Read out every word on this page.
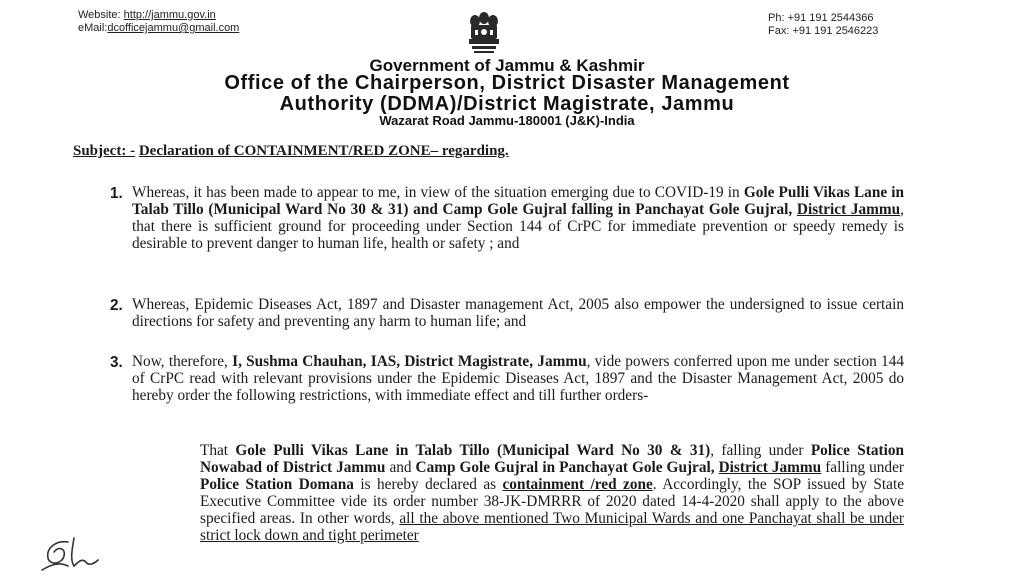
Website: http://jammu.gov.in
eMail:dcofficejammu@gmail.com
Ph: +91 191 2544366
Fax: +91 191 2546223
Government of Jammu & Kashmir
Office of the Chairperson, District Disaster Management
Authority (DDMA)/District Magistrate, Jammu
Wazarat Road Jammu-180001 (J&K)-India
Subject: - Declaration of CONTAINMENT/RED ZONE– regarding.
1. Whereas, it has been made to appear to me, in view of the situation emerging due to COVID-19 in Gole Pulli Vikas Lane in Talab Tillo (Municipal Ward No 30 & 31) and Camp Gole Gujral falling in Panchayat Gole Gujral, District Jammu, that there is sufficient ground for proceeding under Section 144 of CrPC for immediate prevention or speedy remedy is desirable to prevent danger to human life, health or safety ; and
2. Whereas, Epidemic Diseases Act, 1897 and Disaster management Act, 2005 also empower the undersigned to issue certain directions for safety and preventing any harm to human life; and
3. Now, therefore, I, Sushma Chauhan, IAS, District Magistrate, Jammu, vide powers conferred upon me under section 144 of CrPC read with relevant provisions under the Epidemic Diseases Act, 1897 and the Disaster Management Act, 2005 do hereby order the following restrictions, with immediate effect and till further orders-
That Gole Pulli Vikas Lane in Talab Tillo (Municipal Ward No 30 & 31), falling under Police Station Nowabad of District Jammu and Camp Gole Gujral in Panchayat Gole Gujral, District Jammu falling under Police Station Domana is hereby declared as containment /red zone. Accordingly, the SOP issued by State Executive Committee vide its order number 38-JK-DMRRR of 2020 dated 14-4-2020 shall apply to the above specified areas. In other words, all the above mentioned Two Municipal Wards and one Panchayat shall be under strict lock down and tight perimeter
